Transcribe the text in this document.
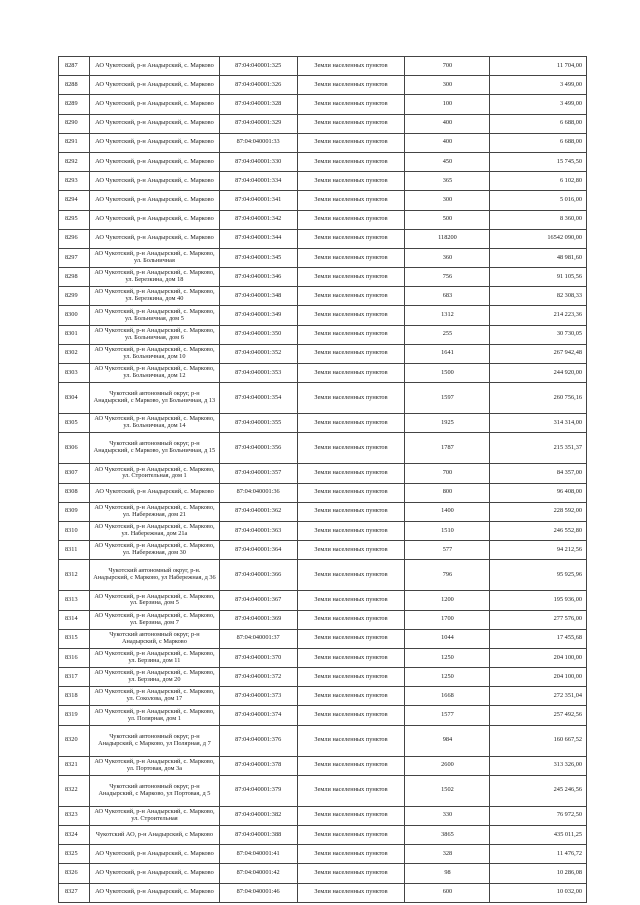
8287	АО Чукотский, р-н Анадырский, с. Марково	87:04:040001:325	Земли населенных пунктов	700	11 704,00
8288	АО Чукотский, р-н Анадырский, с. Марково	87:04:040001:326	Земли населенных пунктов	300	3 499,00
8289	АО Чукотский, р-н Анадырский, с. Марково	87:04:040001:328	Земли населенных пунктов	100	3 499,00
8290	АО Чукотский, р-н Анадырский, с. Марково	87:04:040001:329	Земли населенных пунктов	400	6 688,00
8291	АО Чукотский, р-н Анадырский, с. Марково	87:04:040001:33	Земли населенных пунктов	400	6 688,00
8292	АО Чукотский, р-н Анадырский, с. Марково	87:04:040001:330	Земли населенных пунктов	450	15 745,50
8293	АО Чукотский, р-н Анадырский, с. Марково	87:04:040001:334	Земли населенных пунктов	365	6 102,80
8294	АО Чукотский, р-н Анадырский, с. Марково	87:04:040001:341	Земли населенных пунктов	300	5 016,00
8295	АО Чукотский, р-н Анадырский, с. Марково	87:04:040001:342	Земли населенных пунктов	500	8 360,00
8296	АО Чукотский, р-н Анадырский, с. Марково	87:04:040001:344	Земли населенных пунктов	118200	16542 090,00
8297	АО Чукотский, р-н Анадырский, с. Марково, ул. Больничная	87:04:040001:345	Земли населенных пунктов	360	48 981,60
8298	АО Чукотский, р-н Анадырский, с. Марково, ул. Березкина, дом 18	87:04:040001:346	Земли населенных пунктов	756	91 105,56
8299	АО Чукотский, р-н Анадырский, с. Марково, ул. Березкина, дом 40	87:04:040001:348	Земли населенных пунктов	683	82 308,33
8300	АО Чукотский, р-н Анадырский, с. Марково, ул. Больничная, дом 5	87:04:040001:349	Земли населенных пунктов	1312	214 223,36
8301	АО Чукотский, р-н Анадырский, с. Марково, ул. Больничная, дом 6	87:04:040001:350	Земли населенных пунктов	255	30 730,05
8302	АО Чукотский, р-н Анадырский, с. Марково, ул. Больничная, дом 10	87:04:040001:352	Земли населенных пунктов	1641	267 942,48
8303	АО Чукотский, р-н Анадырский, с. Марково, ул. Больничная, дом 12	87:04:040001:353	Земли населенных пунктов	1500	244 920,00
8304	Чукотский автономный округ, р-н Анадырский, с Марково, ул Больничная, д 13	87:04:040001:354	Земли населенных пунктов	1597	260 756,16
8305	АО Чукотский, р-н Анадырский, с. Марково, ул. Больничная, дом 14	87:04:040001:355	Земли населенных пунктов	1925	314 314,00
8306	Чукотский автономный округ, р-н Анадырский, с Марково, ул Больничная, д 15	87:04:040001:356	Земли населенных пунктов	1787	215 351,37
8307	АО Чукотский, р-н Анадырский, с. Марково, ул. Строительная, дом 1	87:04:040001:357	Земли населенных пунктов	700	84 357,00
8308	АО Чукотский, р-н Анадырский, с. Марково	87:04:040001:36	Земли населенных пунктов	800	96 408,00
8309	АО Чукотский, р-н Анадырский, с. Марково, ул. Набережная, дом 21	87:04:040001:362	Земли населенных пунктов	1400	228 592,00
8310	АО Чукотский, р-н Анадырский, с. Марково, ул. Набережная, дом 21а	87:04:040001:363	Земли населенных пунктов	1510	246 552,80
8311	АО Чукотский, р-н Анадырский, с. Марково, ул. Набережная, дом 30	87:04:040001:364	Земли населенных пунктов	577	94 212,56
8312	Чукотский автономный округ, р-н. Анадырский, с Марково, ул Набережная, д 36	87:04:040001:366	Земли населенных пунктов	796	95 925,96
8313	АО Чукотский, р-н Анадырский, с. Марково, ул. Берзина, дом 5	87:04:040001:367	Земли населенных пунктов	1200	195 936,00
8314	АО Чукотский, р-н Анадырский, с. Марково, ул. Берзина, дом 7	87:04:040001:369	Земли населенных пунктов	1700	277 576,00
8315	Чукотский автономный округ, р-н Анадырский, с Марково	87:04:040001:37	Земли населенных пунктов	1044	17 455,68
8316	АО Чукотский, р-н Анадырский, с. Марково, ул. Берзина, дом 11	87:04:040001:370	Земли населенных пунктов	1250	204 100,00
8317	АО Чукотский, р-н Анадырский, с. Марково, ул. Берзина, дом 20	87:04:040001:372	Земли населенных пунктов	1250	204 100,00
8318	АО Чукотский, р-н Анадырский, с. Марково, ул. Соколова, дом 17	87:04:040001:373	Земли населенных пунктов	1668	272 351,04
8319	АО Чукотский, р-н Анадырский, с. Марково, ул. Полярная, дом 1	87:04:040001:374	Земли населенных пунктов	1577	257 492,56
8320	Чукотский автономный округ, р-н Анадырский, с Марково, ул Полярная, д 7	87:04:040001:376	Земли населенных пунктов	984	160 667,52
8321	АО Чукотский, р-н Анадырский, с. Марково, ул. Портовая, дом 3а	87:04:040001:378	Земли населенных пунктов	2600	313 326,00
8322	Чукотский автономный округ, р-н Анадырский, с Марково, ул Портовая, д 5	87:04:040001:379	Земли населенных пунктов	1502	245 246,56
8323	АО Чукотский, р-н Анадырский, с. Марково, ул. Строительная	87:04:040001:382	Земли населенных пунктов	330	76 972,50
8324	Чукотский АО, р-н Анадырский, с Марково	87:04:040001:388	Земли населенных пунктов	3865	435 011,25
8325	АО Чукотский, р-н Анадырский, с. Марково	87:04:040001:41	Земли населенных пунктов	328	11 476,72
8326	АО Чукотский, р-н Анадырский, с. Марково	87:04:040001:42	Земли населенных пунктов	98	10 286,08
8327	АО Чукотский, р-н Анадырский, с. Марково	87:04:040001:46	Земли населенных пунктов	600	10 032,00
